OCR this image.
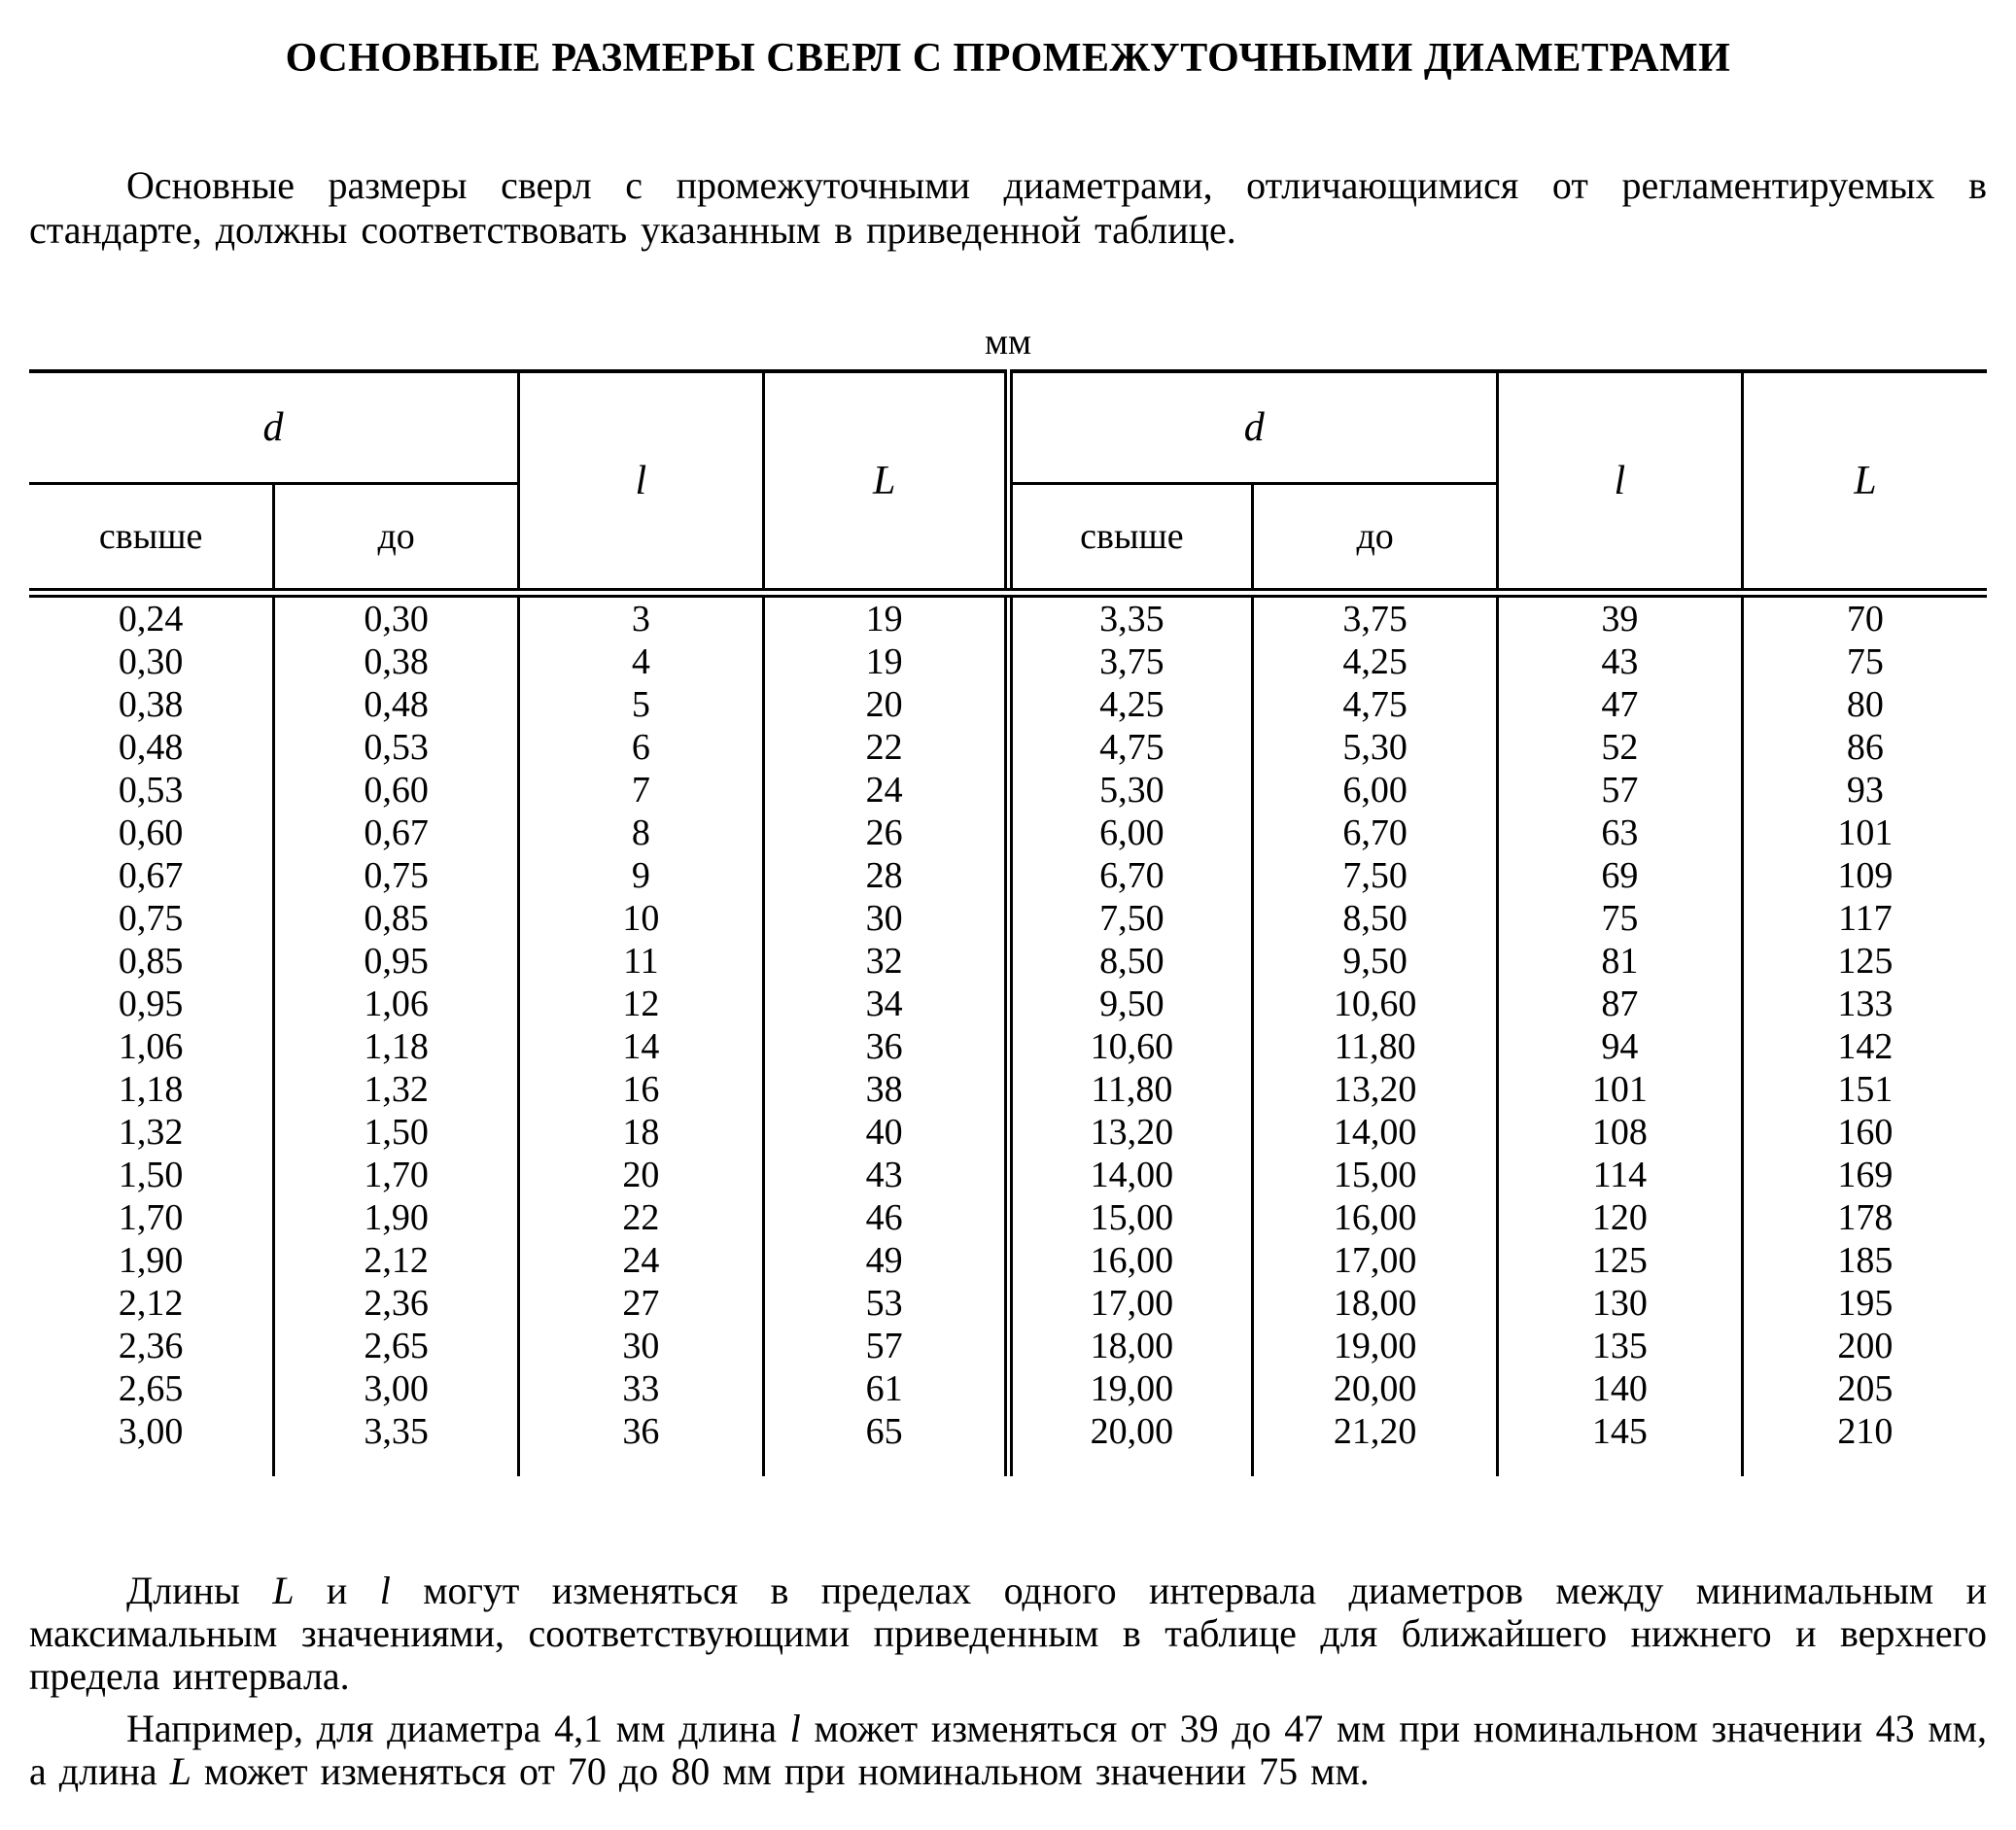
ОСНОВНЫЕ РАЗМЕРЫ СВЕРЛ С ПРОМЕЖУТОЧНЫМИ ДИАМЕТРАМИ

Основные размеры сверл с промежуточными диаметрами, отличающимися от регламентируемых в стандарте, должны соответствовать указанным в приведенной таблице.

мм
d		l	L	d		l	L
свыше	до			свыше	до		
0,24	0,30	3	19	3,35	3,75	39	70
0,30	0,38	4	19	3,75	4,25	43	75
0,38	0,48	5	20	4,25	4,75	47	80
0,48	0,53	6	22	4,75	5,30	52	86
0,53	0,60	7	24	5,30	6,00	57	93
0,60	0,67	8	26	6,00	6,70	63	101
0,67	0,75	9	28	6,70	7,50	69	109
0,75	0,85	10	30	7,50	8,50	75	117
0,85	0,95	11	32	8,50	9,50	81	125
0,95	1,06	12	34	9,50	10,60	87	133
1,06	1,18	14	36	10,60	11,80	94	142
1,18	1,32	16	38	11,80	13,20	101	151
1,32	1,50	18	40	13,20	14,00	108	160
1,50	1,70	20	43	14,00	15,00	114	169
1,70	1,90	22	46	15,00	16,00	120	178
1,90	2,12	24	49	16,00	17,00	125	185
2,12	2,36	27	53	17,00	18,00	130	195
2,36	2,65	30	57	18,00	19,00	135	200
2,65	3,00	33	61	19,00	20,00	140	205
3,00	3,35	36	65	20,00	21,20	145	210

Длины L и l могут изменяться в пределах одного интервала диаметров между минимальным и максимальным значениями, соответствующими приведенным в таблице для ближайшего нижнего и верхнего предела интервала.

Например, для диаметра 4,1 мм длина l может изменяться от 39 до 47 мм при номинальном значении 43 мм, а длина L может изменяться от 70 до 80 мм при номинальном значении 75 мм.
